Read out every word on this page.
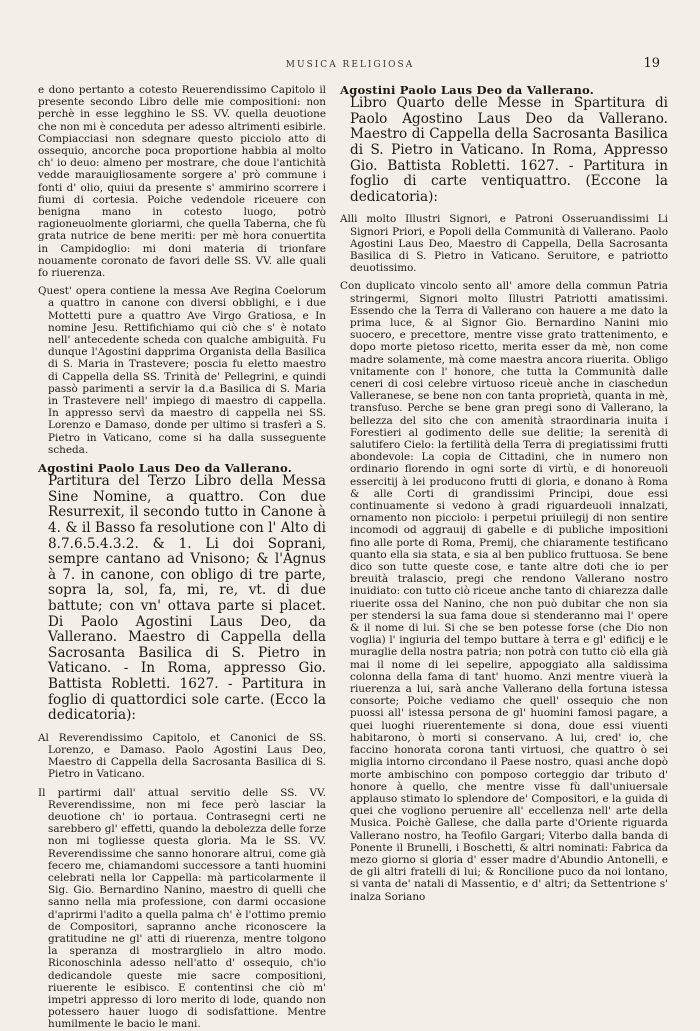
MUSICA RELIGIOSA	19

e dono pertanto a cotesto Reuerendissimo Capitolo il presente secondo Libro delle mie compositioni: non perchè in esse legghino le SS. VV. quella deuotione che non mi è conceduta per adesso altrimenti esibirle. Compiacciasi non sdegnare questo picciolo atto di ossequio, ancorche poca proportione habbia al molto ch' io deuo: almeno per mostrare, che doue l'antichità vedde marauigliosamente sorgere a' prò commune i fonti d' olio, quiui da presente s' ammirino scorrere i fiumi di cortesia. Poiche vedendole riceuere con benigna mano in cotesto luogo, potrò ragioneuolmente gloriarmi, che quella Taberna, che fù grata nutrice de bene meriti: per mè hora conuertita in Campidoglio: mi doni materia di trionfare nouamente coronato de favori delle SS. VV. alle quali fo riuerenza.

Quest' opera contiene la messa Ave Regina Coelorum a quattro in canone con diversi obblighi, e i due Mottetti pure a quattro Ave Virgo Gratiosa, e In nomine Jesu. Rettifichiamo qui ciò che s' è notato nell' antecedente scheda con qualche ambiguità. Fu dunque l'Agostini dapprima Organista della Basilica di S. Maria in Trastevere; poscia fu eletto maestro di Cappella della SS. Trinità de' Pellegrini, e quindi passò parimenti a servir la d.a Basilica di S. Maria in Trastevere nell' impiego di maestro di cappella. In appresso servì da maestro di cappella nei SS. Lorenzo e Damaso, donde per ultimo si trasferì a S. Pietro in Vaticano, come si ha dalla susseguente scheda.

Agostini Paolo Laus Deo da Vallerano.

Partitura del Terzo Libro della Messa Sine Nomine, a quattro. Con due Resurrexit, il secondo tutto in Canone à 4. & il Basso fa resolutione con l' Alto di 8.7.6.5.4.3.2. & 1. Li doi Soprani, sempre cantano ad Vnisono; & l'Agnus à 7. in canone, con obligo di tre parte, sopra la, sol, fa, mi, re, vt. di due battute; con vn' ottava parte si placet. Di Paolo Agostini Laus Deo, da Vallerano. Maestro di Cappella della Sacrosanta Basilica di S. Pietro in Vaticano. - In Roma, appresso Gio. Battista Robletti. 1627. - Partitura in foglio di quattordici sole carte. (Ecco la dedicatoria):

Al Reverendissimo Capitolo, et Canonici de SS. Lorenzo, e Damaso. Paolo Agostini Laus Deo, Maestro di Cappella della Sacrosanta Basilica di S. Pietro in Vaticano.

Il partirmi dall' attual servitio delle SS. VV. Reverendissime, non mi fece però lasciar la deuotione ch' io portaua. Contrasegni certi ne sarebbero gl' effetti, quando la debolezza delle forze non mi togliesse questa gloria. Ma le SS. VV. Reverendissime che sanno honorare altrui, come già fecero me, chiamandomi successore a tanti huomini celebrati nella lor Cappella: mà particolarmente il Sig. Gio. Bernardino Nanino, maestro di quelli che sanno nella mia professione, con darmi occasione d'aprirmi l'adito a quella palma ch' è l'ottimo premio de Compositori, sapranno anche riconoscere la gratitudine ne gl' atti di riuerenza, mentre tolgono la speranza di mostrarglielo in altro modo. Riconoschinla adesso nell'atto d' ossequio, ch'io dedicandole queste mie sacre compositioni, riuerente le esibisco. E contentinsi che ciò m' impetri appresso di loro merito di lode, quando non potessero hauer luogo di sodisfattione. Mentre humilmente le bacio le mani.

Agostini Paolo Laus Deo da Vallerano.

Libro Quarto delle Messe in Spartitura di Paolo Agostino Laus Deo da Vallerano. Maestro di Cappella della Sacrosanta Basilica di S. Pietro in Vaticano. In Roma, Appresso Gio. Battista Robletti. 1627. - Partitura in foglio di carte ventiquattro. (Eccone la dedicatoria):

Alli molto Illustri Signori, e Patroni Osseruandissimi Li Signori Priori, e Popoli della Communità di Vallerano. Paolo Agostini Laus Deo, Maestro di Cappella, Della Sacrosanta Basilica di S. Pietro in Vaticano. Seruitore, e patriotto deuotissimo.

Con duplicato vincolo sento all' amore della commun Patria stringermi, Signori molto Illustri Patriotti amatissimi. Essendo che la Terra di Vallerano con hauere a me dato la prima luce, & al Signor Gio. Bernardino Nanini mio suocero, e precettore, mentre visse grato trattenimento, e dopo morte pietoso ricetto, merita esser da mè, non come madre solamente, mà come maestra ancora riuerita. Obligo vnitamente con l' honore, che tutta la Communità dalle ceneri di cosi celebre virtuoso riceuè anche in ciaschedun Valleranese, se bene non con tanta proprietà, quanta in mè, transfuso. Perche se bene gran pregi sono di Vallerano, la bellezza del sito che con amenità straordinaria inuita i Forestieri al godimento delle sue delitie; la serenità di salutifero Cielo: la fertilità della Terra di pregiatissimi frutti abondevole: La copia de Cittadini, che in numero non ordinario florendo in ogni sorte di virtù, e di honoreuoli essercitij à lei producono frutti di gloria, e donano à Roma & alle Corti di grandissimi Principi, doue essi continuamente si vedono à gradi riguardeuoli innalzati, ornamento non picciolo: i perpetui priuilegij di non sentire incomodi od aggrauij di gabelle e di publiche impositioni fino alle porte di Roma, Premij, che chiaramente testificano quanto ella sia stata, e sia al ben publico fruttuosa. Se bene dico son tutte queste cose, e tante altre doti che io per breuità tralascio, pregi che rendono Vallerano nostro inuidiato: con tutto ciò riceue anche tanto di chiarezza dalle riuerite ossa del Nanino, che non può dubitar che non sia per stendersi la sua fama doue si stenderanno mai l' opere & il nome di lui. Si che se ben potesse forse (che Dio non voglia) l' ingiuria del tempo buttare à terra e gl' edificij e le muraglie della nostra patria; non potrà con tutto ciò ella già mai il nome di lei sepelire, appoggiato alla saldissima colonna della fama di tant' huomo. Anzi mentre viuerà la riuerenza a lui, sarà anche Vallerano della fortuna istessa consorte; Poiche vediamo che quell' ossequio che non puossi all' istessa persona de gl' huomini famosi pagare, a quei luoghi riuerentemente si dona, doue essi viuenti habitarono, ò morti si conservano. A lui, cred' io, che faccino honorata corona tanti virtuosi, che quattro ò sei miglia intorno circondano il Paese nostro, quasi anche dopò morte ambischino con pomposo corteggio dar tributo d' honore à quello, che mentre visse fù dall'uniuersale applauso stimato lo splendore de' Compositori, e la guida di quei che vogliono peruenire all' eccellenza nell' arte della Musica. Poichè Gallese, che dalla parte d'Oriente riguarda Vallerano nostro, ha Teofilo Gargari; Viterbo dalla banda di Ponente il Brunelli, i Boschetti, & altri nominati: Fabrica da mezo giorno si gloria d' esser madre d'Abundio Antonelli, e de gli altri fratelli di lui; & Roncilione puco da noi lontano, si vanta de' natali di Massentio, e d' altri; da Settentrione s' inalza Soriano
